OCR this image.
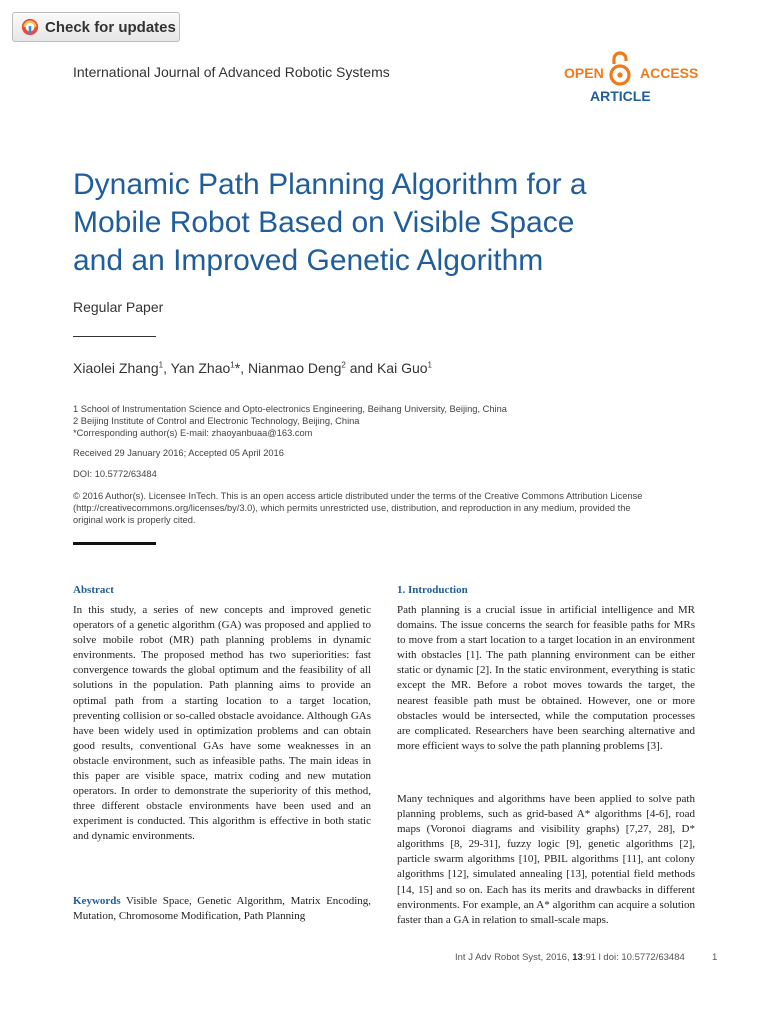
Check for updates
International Journal of Advanced Robotic Systems	OPEN	ACCESS
ARTICLE
Dynamic Path Planning Algorithm for a
Mobile Robot Based on Visible Space
and an Improved Genetic Algorithm
Regular Paper
Xiaolei Zhang$^1$, Yan Zhao$^1$*, Nianmao Deng$^2$ and Kai Guo$^1$
1 School of Instrumentation Science and Opto-electronics Engineering, Beihang University, Beijing, China
2 Beijing Institute of Control and Electronic Technology, Beijing, China
*Corresponding author(s) E-mail: zhaoyanbuaa@163.com
Received 29 January 2016; Accepted 05 April 2016
DOI: 10.5772/63484
© 2016 Author(s). Licensee InTech. This is an open access article distributed under the terms of the Creative Commons Attribution License
(http://creativecommons.org/licenses/by/3.0), which permits unrestricted use, distribution, and reproduction in any medium, provided the
original work is properly cited.
Abstract
In this study, a series of new concepts and improved genetic operators of a genetic algorithm (GA) was proposed and applied to solve mobile robot (MR) path planning problems in dynamic environments. The proposed method has two superiorities: fast convergence towards the global optimum and the feasibility of all solutions in the population. Path planning aims to provide an optimal path from a starting location to a target location, preventing collision or so-called obstacle avoidance. Although GAs have been widely used in optimization problems and can obtain good results, conventional GAs have some weaknesses in an obstacle environment, such as infeasible paths. The main ideas in this paper are visible space, matrix coding and new mutation operators. In order to demonstrate the superiority of this method, three different obstacle environments have been used and an experiment is conducted. This algorithm is effective in both static and dynamic environments.
Keywords Visible Space, Genetic Algorithm, Matrix Encoding, Mutation, Chromosome Modification, Path Planning
1. Introduction
Path planning is a crucial issue in artificial intelligence and MR domains. The issue concerns the search for feasible paths for MRs to move from a start location to a target location in an environment with obstacles [1]. The path planning environment can be either static or dynamic [2]. In the static environment, everything is static except the MR. Before a robot moves towards the target, the nearest feasible path must be obtained. However, one or more obstacles would be intersected, while the computation processes are complicated. Researchers have been searching alternative and more efficient ways to solve the path planning problems [3].
Many techniques and algorithms have been applied to solve path planning problems, such as grid-based A* algorithms [4-6], road maps (Voronoi diagrams and visibility graphs) [7,27, 28], D* algorithms [8, 29-31], fuzzy logic [9], genetic algorithms [2], particle swarm algorithms [10], PBIL algorithms [11], ant colony algorithms [12], simulated annealing [13], potential field methods [14, 15] and so on. Each has its merits and drawbacks in different environments. For example, an A* algorithm can acquire a solution faster than a GA in relation to small-scale maps.
Int J Adv Robot Syst, 2016, 13:91 l doi: 10.5772/63484	1
